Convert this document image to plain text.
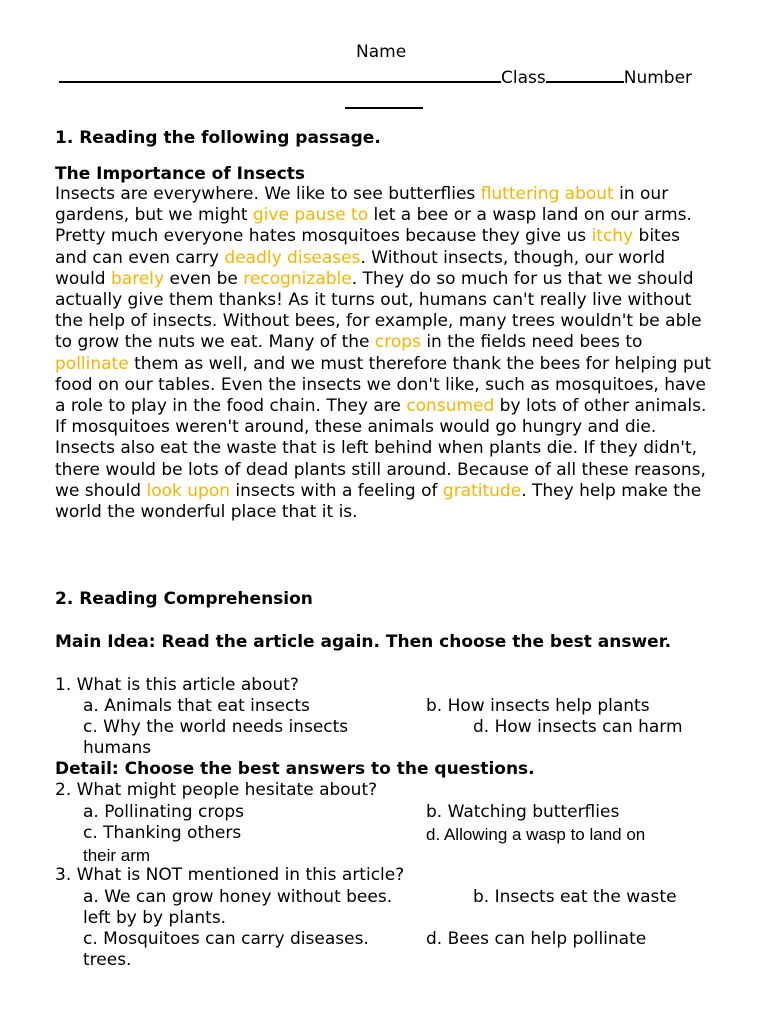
Name
Class	Number
1. Reading the following passage.
The Importance of Insects
Insects are everywhere. We like to see butterflies fluttering about in our gardens, but we might give pause to let a bee or a wasp land on our arms. Pretty much everyone hates mosquitoes because they give us itchy bites and can even carry deadly diseases. Without insects, though, our world would barely even be recognizable. They do so much for us that we should actually give them thanks! As it turns out, humans can't really live without the help of insects. Without bees, for example, many trees wouldn't be able to grow the nuts we eat. Many of the crops in the fields need bees to pollinate them as well, and we must therefore thank the bees for helping put food on our tables. Even the insects we don't like, such as mosquitoes, have a role to play in the food chain. They are consumed by lots of other animals. If mosquitoes weren't around, these animals would go hungry and die. Insects also eat the waste that is left behind when plants die. If they didn't, there would be lots of dead plants still around. Because of all these reasons, we should look upon insects with a feeling of gratitude. They help make the world the wonderful place that it is.
2. Reading Comprehension
Main Idea: Read the article again. Then choose the best answer.
1. What is this article about?
a. Animals that eat insects	b. How insects help plants
c. Why the world needs insects	d. How insects can harm
humans
Detail: Choose the best answers to the questions.
2. What might people hesitate about?
a. Pollinating crops	b. Watching butterflies
c. Thanking others	d. Allowing a wasp to land on
their arm
3. What is NOT mentioned in this article?
a. We can grow honey without bees.	b. Insects eat the waste
left by by plants.
c. Mosquitoes can carry diseases.	d. Bees can help pollinate
trees.
